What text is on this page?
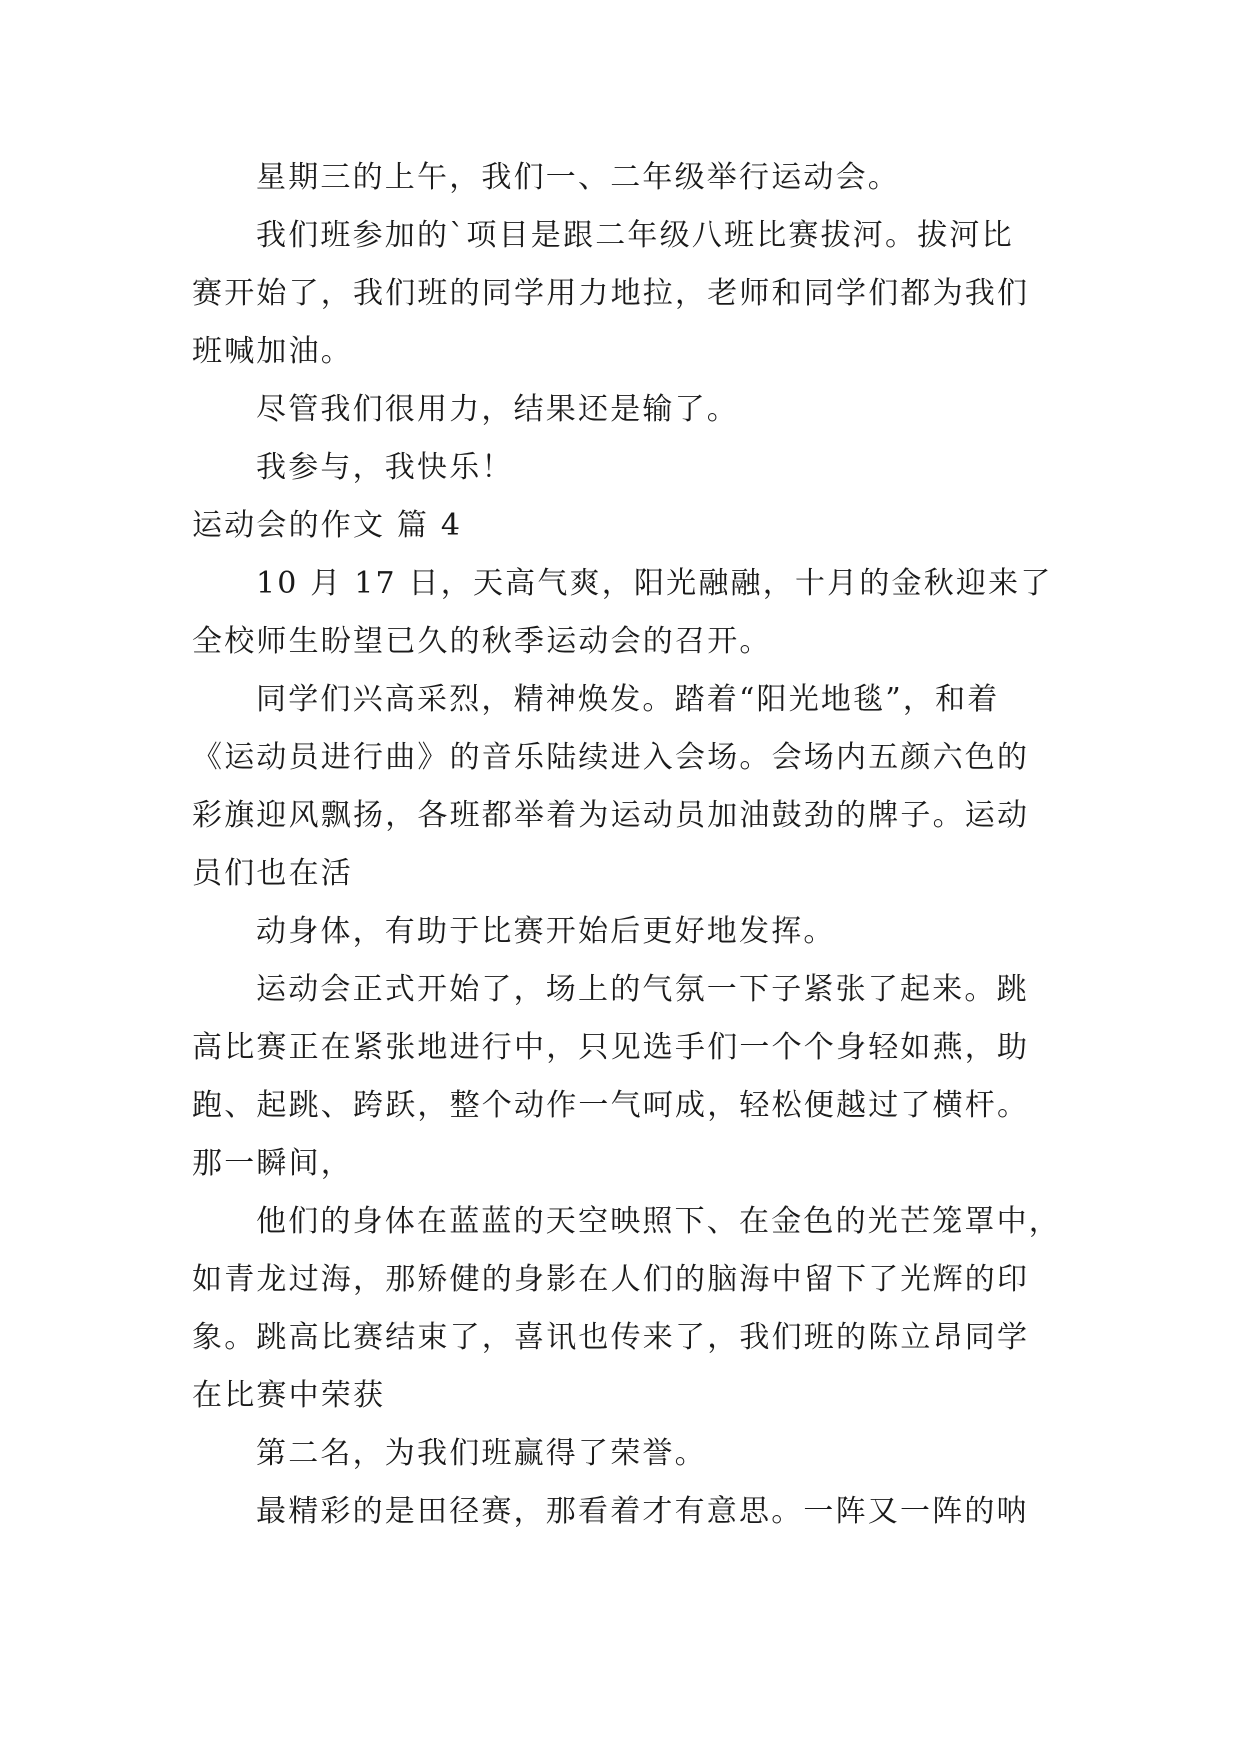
星期三的上午，我们一、二年级举行运动会。
我们班参加的`项目是跟二年级八班比赛拔河。拔河比
赛开始了，我们班的同学用力地拉，老师和同学们都为我们
班喊加油。
尽管我们很用力，结果还是输了。
我参与，我快乐！
运动会的作文 篇 4
10 月 17 日，天高气爽，阳光融融，十月的金秋迎来了
全校师生盼望已久的秋季运动会的召开。
同学们兴高采烈，精神焕发。踏着“阳光地毯”，和着
《运动员进行曲》的音乐陆续进入会场。会场内五颜六色的
彩旗迎风飘扬，各班都举着为运动员加油鼓劲的牌子。运动
员们也在活
动身体，有助于比赛开始后更好地发挥。
运动会正式开始了，场上的气氛一下子紧张了起来。跳
高比赛正在紧张地进行中，只见选手们一个个身轻如燕，助
跑、起跳、跨跃，整个动作一气呵成，轻松便越过了横杆。
那一瞬间，
他们的身体在蓝蓝的天空映照下、在金色的光芒笼罩中，
如青龙过海，那矫健的身影在人们的脑海中留下了光辉的印
象。跳高比赛结束了，喜讯也传来了，我们班的陈立昂同学
在比赛中荣获
第二名，为我们班赢得了荣誉。
最精彩的是田径赛，那看着才有意思。一阵又一阵的呐
